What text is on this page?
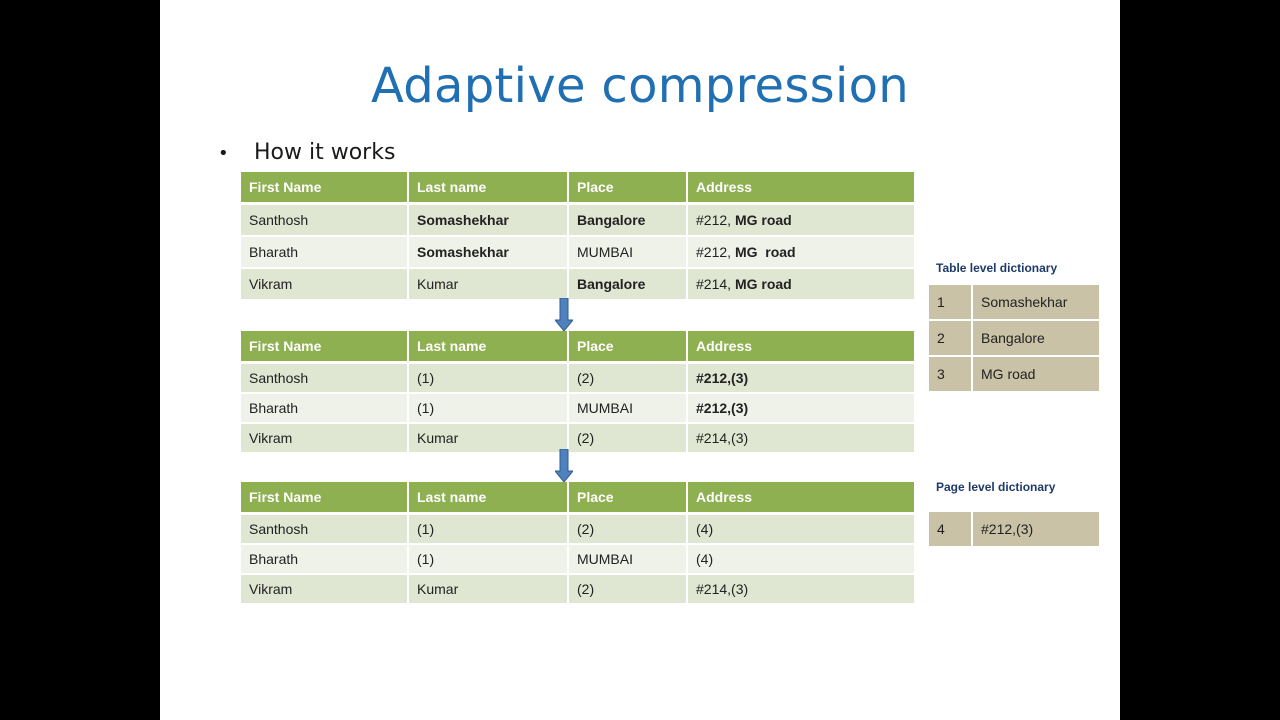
Adaptive compression
• How it works
First Name	Last name	Place	Address
Santhosh	Somashekhar	Bangalore	#212, MG road
Bharath	Somashekhar	MUMBAI	#212, MG  road
Vikram	Kumar	Bangalore	#214, MG road
First Name	Last name	Place	Address
Santhosh	(1)	(2)	#212,(3)
Bharath	(1)	MUMBAI	#212,(3)
Vikram	Kumar	(2)	#214,(3)
First Name	Last name	Place	Address
Santhosh	(1)	(2)	(4)
Bharath	(1)	MUMBAI	(4)
Vikram	Kumar	(2)	#214,(3)
Table level dictionary
1	Somashekhar
2	Bangalore
3	MG road
Page level dictionary
4	#212,(3)
